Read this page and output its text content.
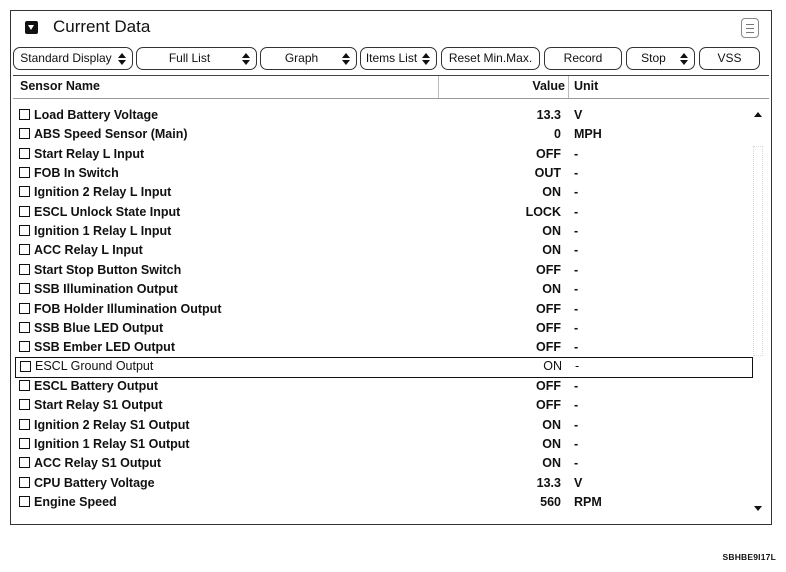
Current Data
Standard Display	Full List	Graph	Items List	Reset Min.Max.	Record	Stop	VSS
Sensor Name	Value Unit
Load Battery Voltage	13.3 V
ABS Speed Sensor (Main)	0 MPH
Start Relay L Input	OFF -
FOB In Switch	OUT -
Ignition 2 Relay L Input	ON -
ESCL Unlock State Input	LOCK -
Ignition 1 Relay L Input	ON -
ACC Relay L Input	ON -
Start Stop Button Switch	OFF -
SSB Illumination Output	ON -
FOB Holder Illumination Output	OFF -
SSB Blue LED Output	OFF -
SSB Ember LED Output	OFF -
ESCL Ground Output	ON -
ESCL Battery Output	OFF -
Start Relay S1 Output	OFF -
Ignition 2 Relay S1 Output	ON -
Ignition 1 Relay S1 Output	ON -
ACC Relay S1 Output	ON -
CPU Battery Voltage	13.3 V
Engine Speed	560 RPM
SBHBE9I17L
